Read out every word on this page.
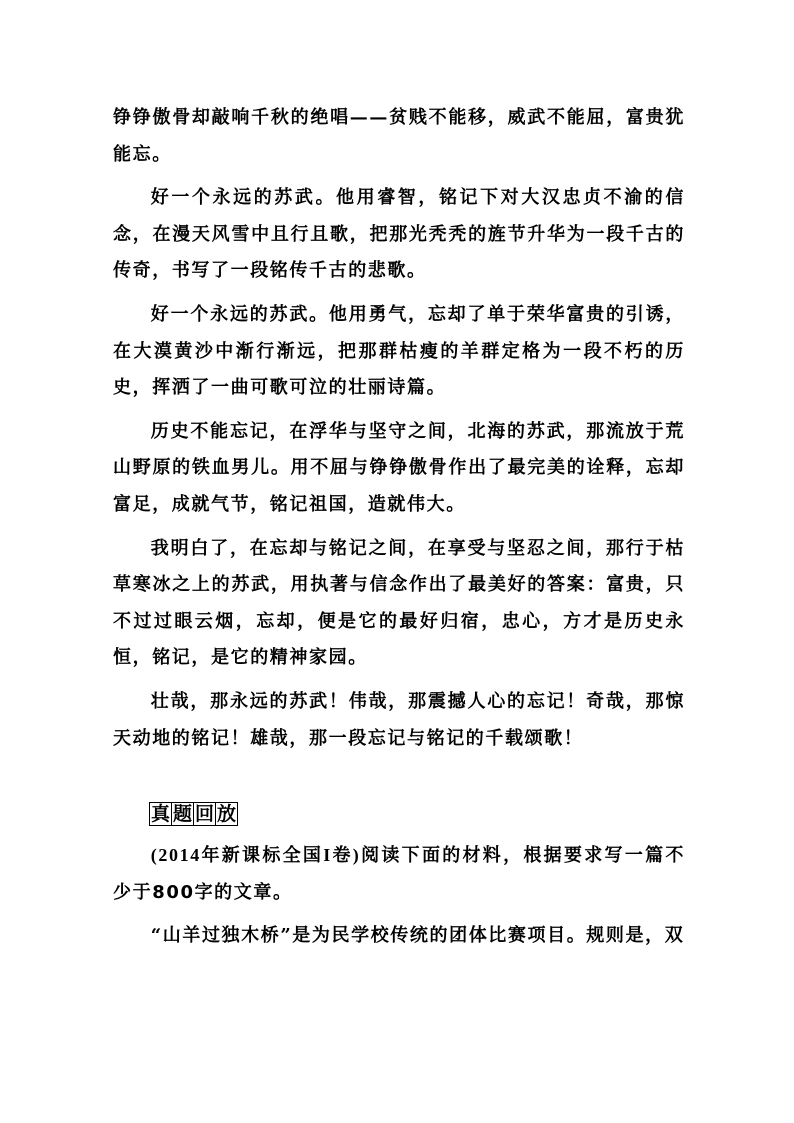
铮铮傲骨却敲响千秋的绝唱——贫贱不能移，威武不能屈，富贵犹能忘。

好一个永远的苏武。他用睿智，铭记下对大汉忠贞不渝的信念，在漫天风雪中且行且歌，把那光秃秃的旌节升华为一段千古的传奇，书写了一段铭传千古的悲歌。

好一个永远的苏武。他用勇气，忘却了单于荣华富贵的引诱，在大漠黄沙中渐行渐远，把那群枯瘦的羊群定格为一段不朽的历史，挥洒了一曲可歌可泣的壮丽诗篇。

历史不能忘记，在浮华与坚守之间，北海的苏武，那流放于荒山野原的铁血男儿。用不屈与铮铮傲骨作出了最完美的诠释，忘却富足，成就气节，铭记祖国，造就伟大。

我明白了，在忘却与铭记之间，在享受与坚忍之间，那行于枯草寒冰之上的苏武，用执著与信念作出了最美好的答案：富贵，只不过过眼云烟，忘却，便是它的最好归宿，忠心，方才是历史永恒，铭记，是它的精神家园。

壮哉，那永远的苏武！伟哉，那震撼人心的忘记！奇哉，那惊天动地的铭记！雄哉，那一段忘记与铭记的千载颂歌！

真 题 回 放

(2014年新课标全国I卷)阅读下面的材料，根据要求写一篇不少于800字的文章。

“山羊过独木桥”是为民学校传统的团体比赛项目。规则是，双
